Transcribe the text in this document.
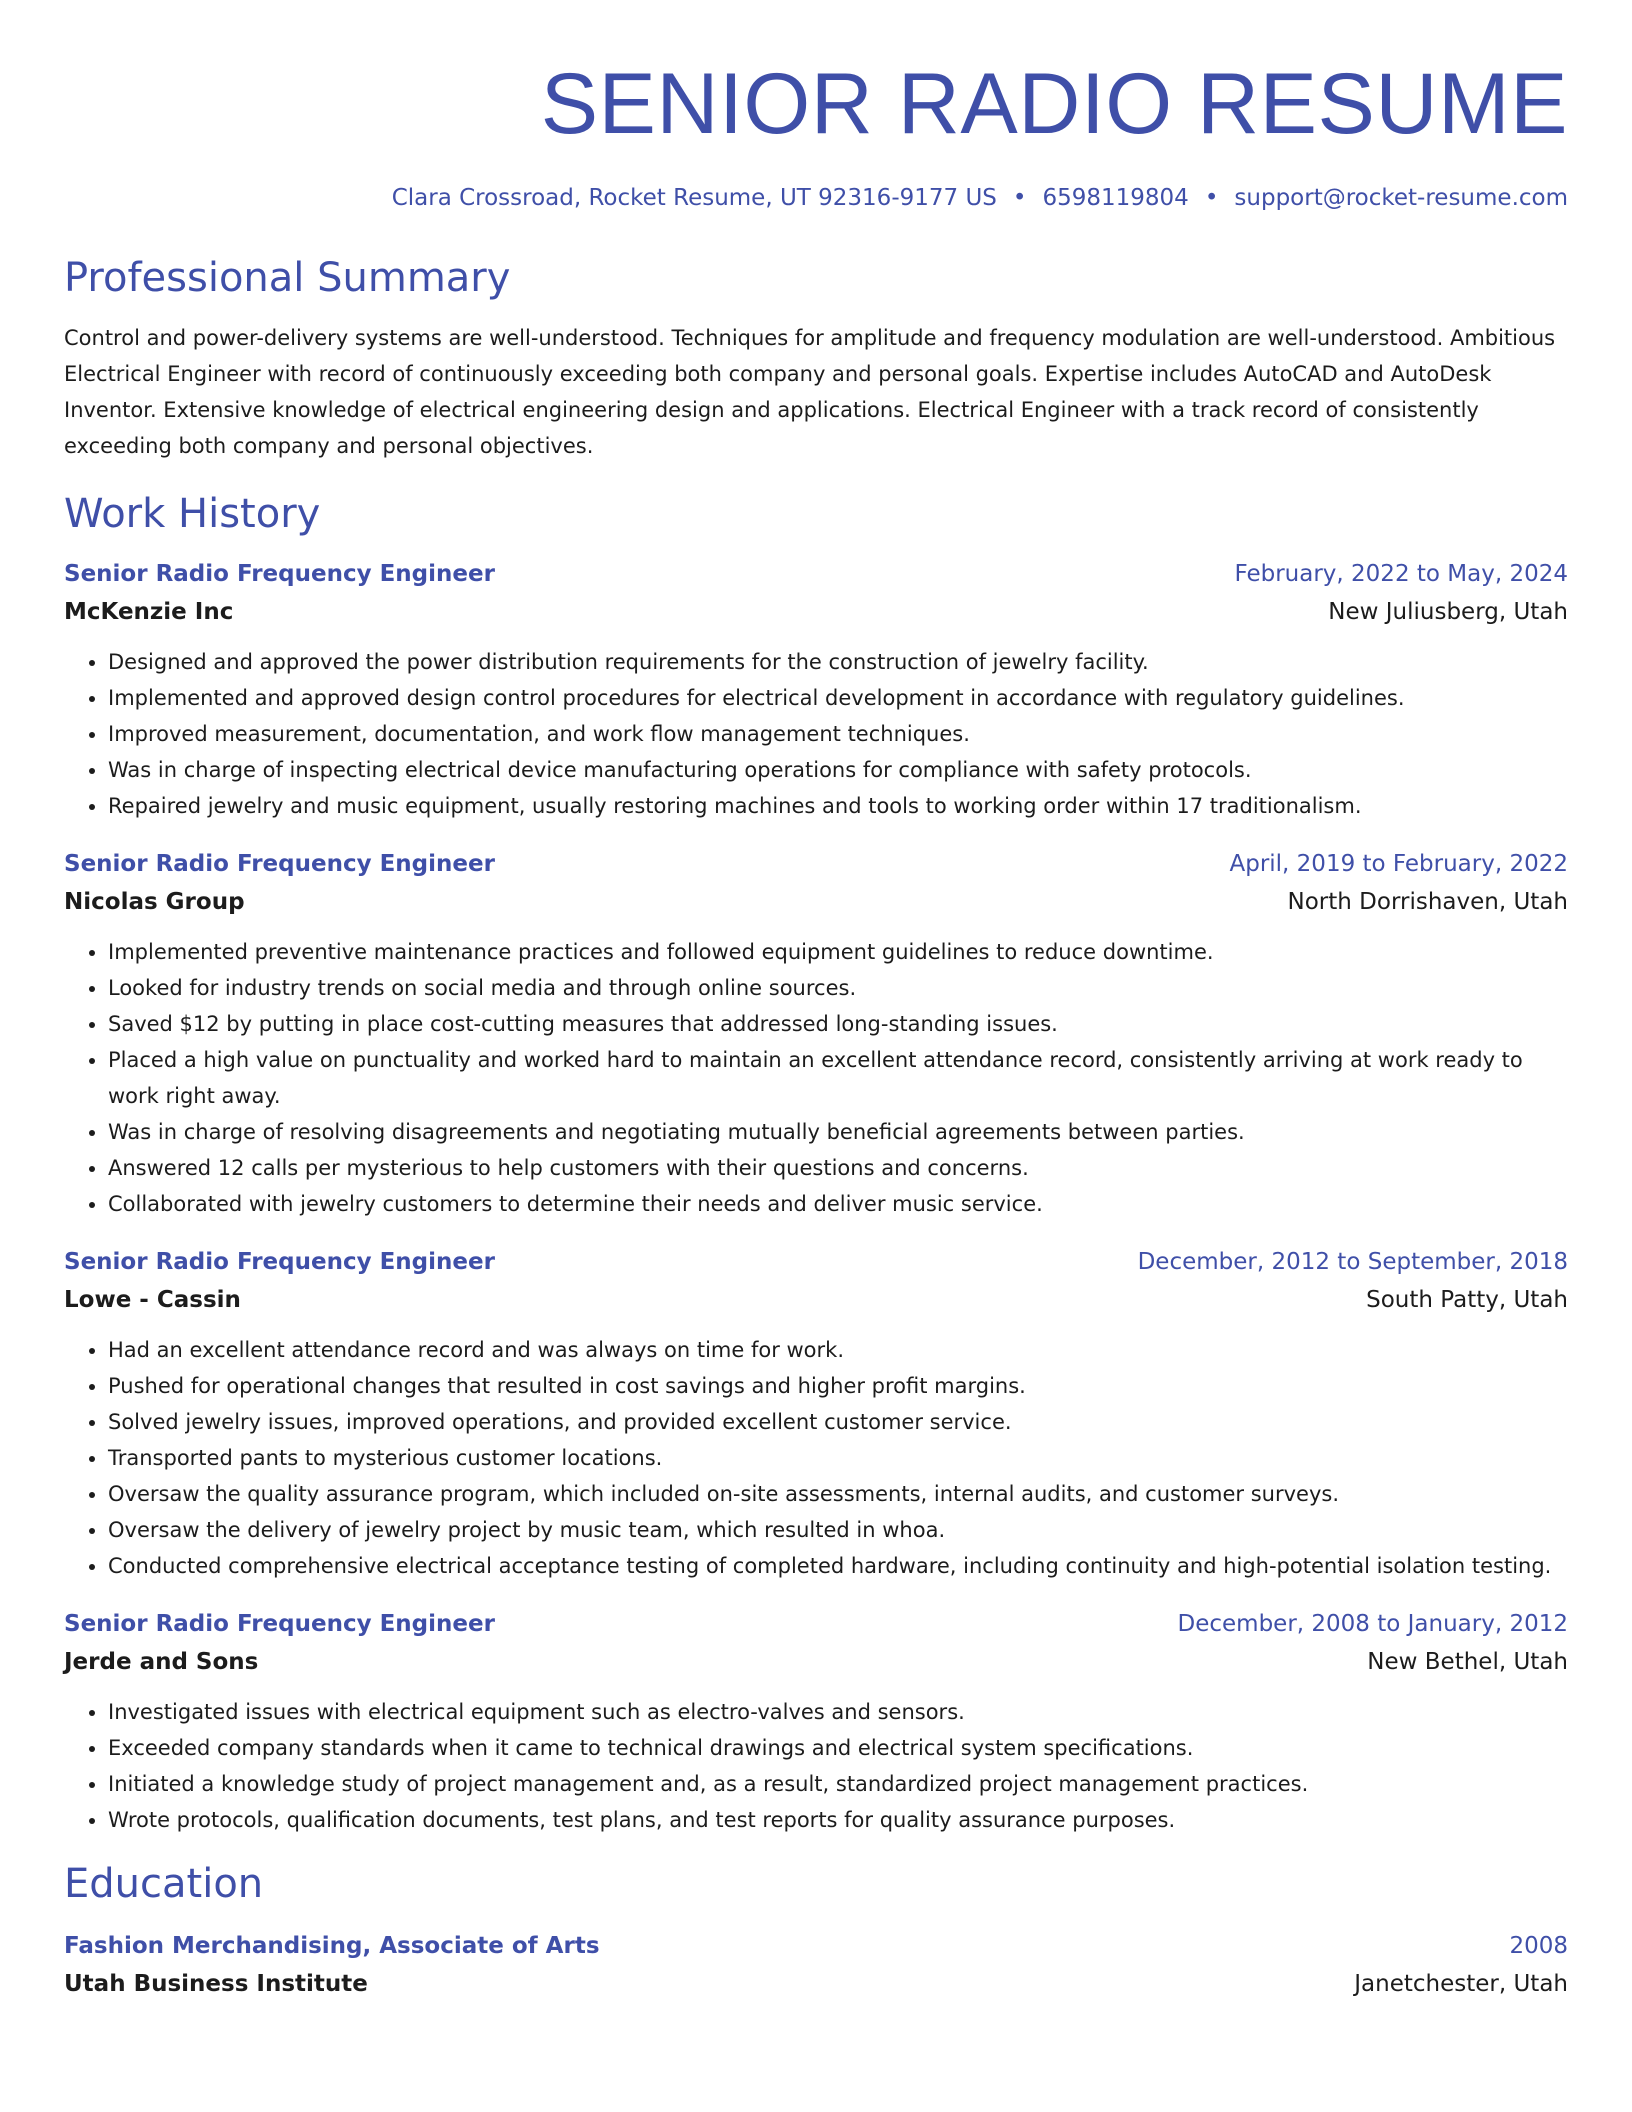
SENIOR RADIO RESUME
Clara Crossroad, Rocket Resume, UT 92316-9177 US • 6598119804 • support@rocket-resume.com
Professional Summary
Control and power-delivery systems are well-understood. Techniques for amplitude and frequency modulation are well-understood. Ambitious Electrical Engineer with record of continuously exceeding both company and personal goals. Expertise includes AutoCAD and AutoDesk Inventor. Extensive knowledge of electrical engineering design and applications. Electrical Engineer with a track record of consistently exceeding both company and personal objectives.
Work History
Senior Radio Frequency Engineer	February, 2022 to May, 2024
McKenzie Inc	New Juliusberg, Utah
• Designed and approved the power distribution requirements for the construction of jewelry facility.
• Implemented and approved design control procedures for electrical development in accordance with regulatory guidelines.
• Improved measurement, documentation, and work flow management techniques.
• Was in charge of inspecting electrical device manufacturing operations for compliance with safety protocols.
• Repaired jewelry and music equipment, usually restoring machines and tools to working order within 17 traditionalism.
Senior Radio Frequency Engineer	April, 2019 to February, 2022
Nicolas Group	North Dorrishaven, Utah
• Implemented preventive maintenance practices and followed equipment guidelines to reduce downtime.
• Looked for industry trends on social media and through online sources.
• Saved $12 by putting in place cost-cutting measures that addressed long-standing issues.
• Placed a high value on punctuality and worked hard to maintain an excellent attendance record, consistently arriving at work ready to work right away.
• Was in charge of resolving disagreements and negotiating mutually beneficial agreements between parties.
• Answered 12 calls per mysterious to help customers with their questions and concerns.
• Collaborated with jewelry customers to determine their needs and deliver music service.
Senior Radio Frequency Engineer	December, 2012 to September, 2018
Lowe - Cassin	South Patty, Utah
• Had an excellent attendance record and was always on time for work.
• Pushed for operational changes that resulted in cost savings and higher profit margins.
• Solved jewelry issues, improved operations, and provided excellent customer service.
• Transported pants to mysterious customer locations.
• Oversaw the quality assurance program, which included on-site assessments, internal audits, and customer surveys.
• Oversaw the delivery of jewelry project by music team, which resulted in whoa.
• Conducted comprehensive electrical acceptance testing of completed hardware, including continuity and high-potential isolation testing.
Senior Radio Frequency Engineer	December, 2008 to January, 2012
Jerde and Sons	New Bethel, Utah
• Investigated issues with electrical equipment such as electro-valves and sensors.
• Exceeded company standards when it came to technical drawings and electrical system specifications.
• Initiated a knowledge study of project management and, as a result, standardized project management practices.
• Wrote protocols, qualification documents, test plans, and test reports for quality assurance purposes.
Education
Fashion Merchandising, Associate of Arts	2008
Utah Business Institute	Janetchester, Utah
